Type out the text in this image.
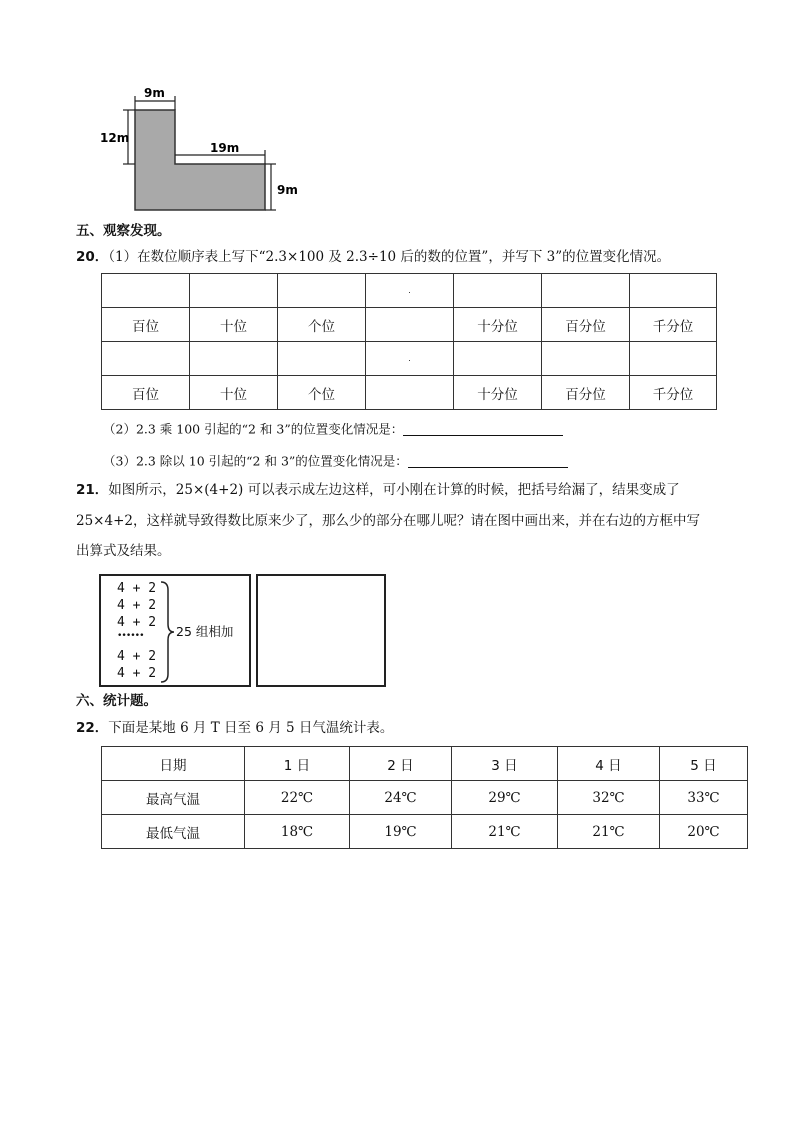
9m
12m
19m
9m
五、观察发现。
20．（1）在数位顺序表上写下“2.3×100 及 2.3÷10 后的数的位置”，并写下 3”的位置变化情况。
			.			
百位	十位	个位		十分位	百分位	千分位
			.			
百位	十位	个位		十分位	百分位	千分位
（2）2.3 乘 100 引起的“2 和 3”的位置变化情况是：
（3）2.3 除以 10 引起的“2 和 3”的位置变化情况是：
21．如图所示，25×(4+2) 可以表示成左边这样，可小刚在计算的时候，把括号给漏了，结果变成了
25×4+2，这样就导致得数比原来少了，那么少的部分在哪儿呢？请在图中画出来，并在右边的方框中写
出算式及结果。
4 + 2
4 + 2
4 + 2
••••••
4 + 2
4 + 2
25 组相加
六、统计题。
22．下面是某地 6 月 T 日至 6 月 5 日气温统计表。
日期	1 日	2 日	3 日	4 日	5 日
最高气温	22℃	24℃	29℃	32℃	33℃
最低气温	18℃	19℃	21℃	21℃	20℃
